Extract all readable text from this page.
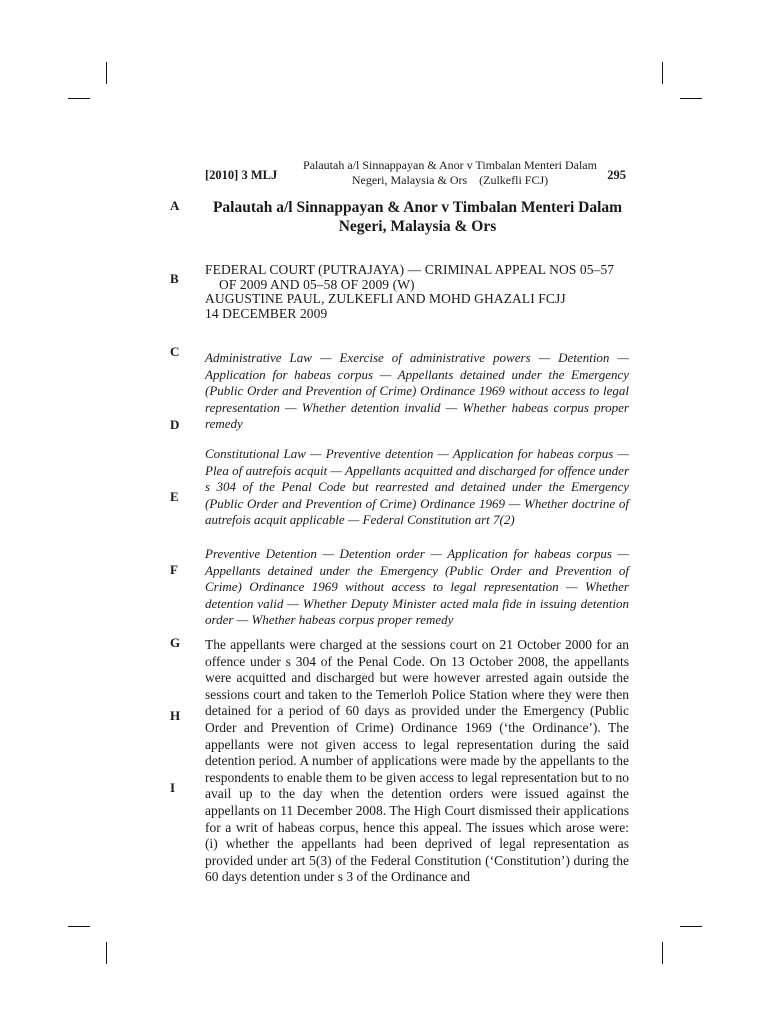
[2010] 3 MLJ
Palautah a/l Sinnappayan & Anor v Timbalan Menteri Dalam
Negeri, Malaysia & Ors    (Zulkefli FCJ)	295
A
B
C
D
E
F
G
H
I
Palautah a/l Sinnappayan & Anor v Timbalan Menteri Dalam
Negeri, Malaysia & Ors
FEDERAL COURT (PUTRAJAYA) — CRIMINAL APPEAL NOS 05–57
OF 2009 AND 05–58 OF 2009 (W)
AUGUSTINE PAUL, ZULKEFLI AND MOHD GHAZALI FCJJ
14 DECEMBER 2009
Administrative Law — Exercise of administrative powers — Detention — Application for habeas corpus — Appellants detained under the Emergency (Public Order and Prevention of Crime) Ordinance 1969 without access to legal representation — Whether detention invalid — Whether habeas corpus proper remedy
Constitutional Law — Preventive detention — Application for habeas corpus — Plea of autrefois acquit — Appellants acquitted and discharged for offence under s 304 of the Penal Code but rearrested and detained under the Emergency (Public Order and Prevention of Crime) Ordinance 1969 — Whether doctrine of autrefois acquit applicable — Federal Constitution art 7(2)
Preventive Detention — Detention order — Application for habeas corpus — Appellants detained under the Emergency (Public Order and Prevention of Crime) Ordinance 1969 without access to legal representation — Whether detention valid — Whether Deputy Minister acted mala fide in issuing detention order — Whether habeas corpus proper remedy
The appellants were charged at the sessions court on 21 October 2000 for an offence under s 304 of the Penal Code. On 13 October 2008, the appellants were acquitted and discharged but were however arrested again outside the sessions court and taken to the Temerloh Police Station where they were then detained for a period of 60 days as provided under the Emergency (Public Order and Prevention of Crime) Ordinance 1969 (‘the Ordinance’). The appellants were not given access to legal representation during the said detention period. A number of applications were made by the appellants to the respondents to enable them to be given access to legal representation but to no avail up to the day when the detention orders were issued against the appellants on 11 December 2008. The High Court dismissed their applications for a writ of habeas corpus, hence this appeal. The issues which arose were: (i) whether the appellants had been deprived of legal representation as provided under art 5(3) of the Federal Constitution (‘Constitution’) during the 60 days detention under s 3 of the Ordinance and
